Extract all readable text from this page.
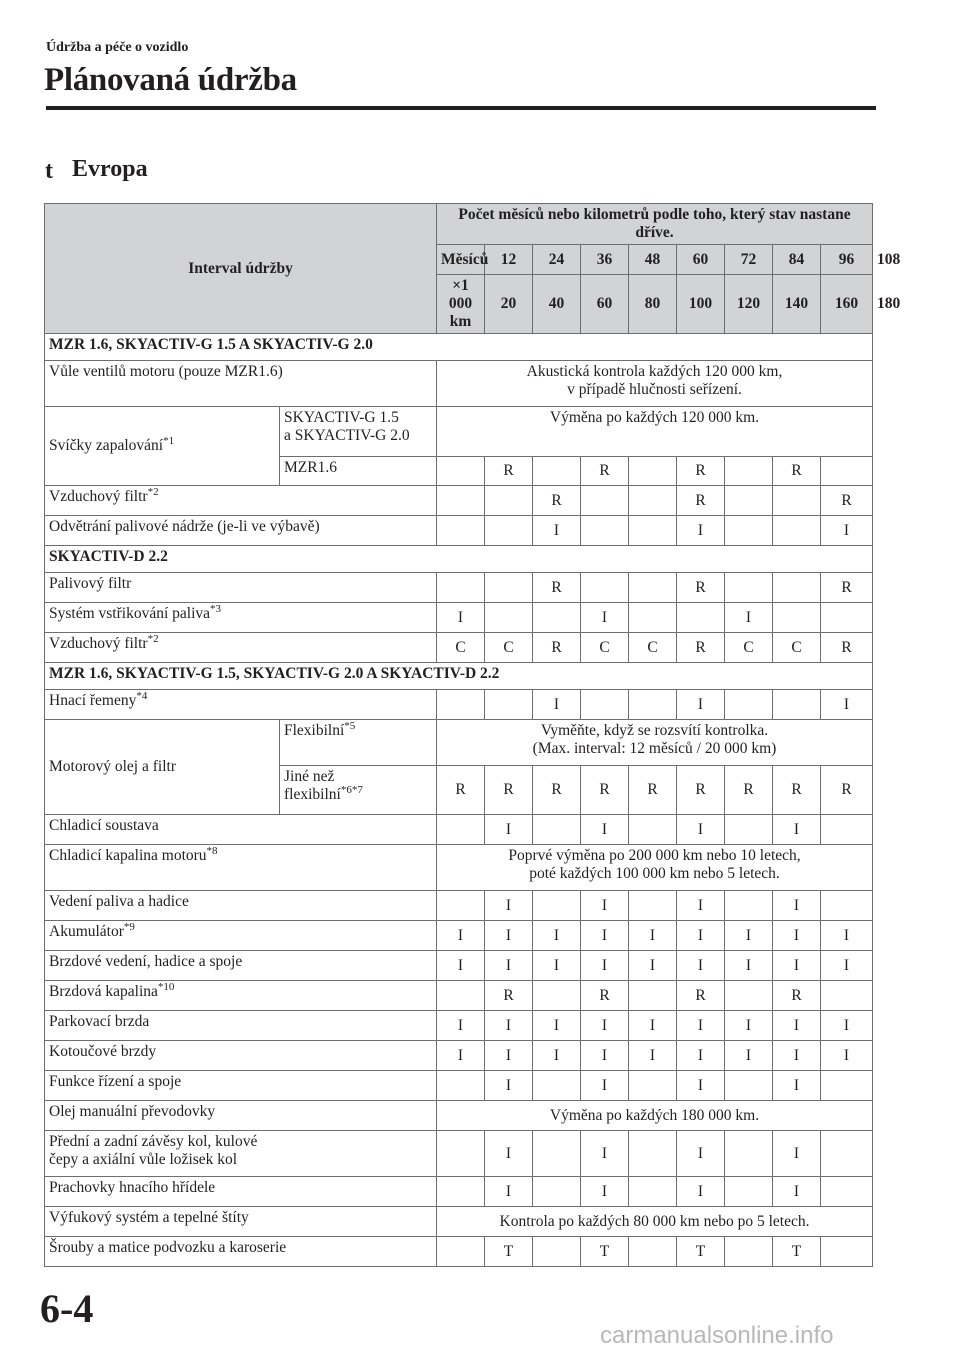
Údržba a péče o vozidlo
Plánovaná údržba
t Evropa
Interval údržby		Počet měsíců nebo kilometrů podle toho, který stav nastane dříve.									
		Měsíců	12	24	36	48	60	72	84	96	108
		×1 000 km	20	40	60	80	100	120	140	160	180
MZR 1.6, SKYACTIV-G 1.5 A SKYACTIV-G 2.0											
Vůle ventilů motoru (pouze MZR1.6)		Akustická kontrola každých 120 000 km,
v případě hlučnosti seřízení.									
Svíčky zapalování$^{*1}$	SKYACTIV-G 1.5
a SKYACTIV-G 2.0	Výměna po každých 120 000 km.									
	MZR1.6		R		R		R		R		
Vzduchový filtr$^{*2}$				R			R			R	
Odvětrání palivové nádrže (je-li ve výbavě)				I			I			I	
SKYACTIV-D 2.2											
Palivový filtr				R			R			R	
Systém vstřikování paliva$^{*3}$		I			I			I			
Vzduchový filtr$^{*2}$		C	C	R	C	C	R	C	C	R	
MZR 1.6, SKYACTIV-G 1.5, SKYACTIV-G 2.0 A SKYACTIV-D 2.2											
Hnací řemeny$^{*4}$				I			I			I	
Motorový olej a filtr	Flexibilní$^{*5}$	Vyměňte, když se rozsvítí kontrolka.
(Max. interval: 12 měsíců / 20 000 km)									
	Jiné než
flexibilní$^{*6*7}$	R	R	R	R	R	R	R	R	R	
Chladicí soustava			I		I		I		I		
Chladicí kapalina motoru$^{*8}$		Poprvé výměna po 200 000 km nebo 10 letech,
poté každých 100 000 km nebo 5 letech.									
Vedení paliva a hadice			I		I		I		I		
Akumulátor$^{*9}$		I	I	I	I	I	I	I	I	I	
Brzdové vedení, hadice a spoje		I	I	I	I	I	I	I	I	I	
Brzdová kapalina$^{*10}$			R		R		R		R		
Parkovací brzda		I	I	I	I	I	I	I	I	I	
Kotoučové brzdy		I	I	I	I	I	I	I	I	I	
Funkce řízení a spoje			I		I		I		I		
Olej manuální převodovky		Výměna po každých 180 000 km.									
Přední a zadní závěsy kol, kulové
čepy a axiální vůle ložisek kol			I		I		I		I		
Prachovky hnacího hřídele			I		I		I		I		
Výfukový systém a tepelné štíty		Kontrola po každých 80 000 km nebo po 5 letech.									
Šrouby a matice podvozku a karoserie			T		T		T		T		
6-4
carmanualsonline.info
